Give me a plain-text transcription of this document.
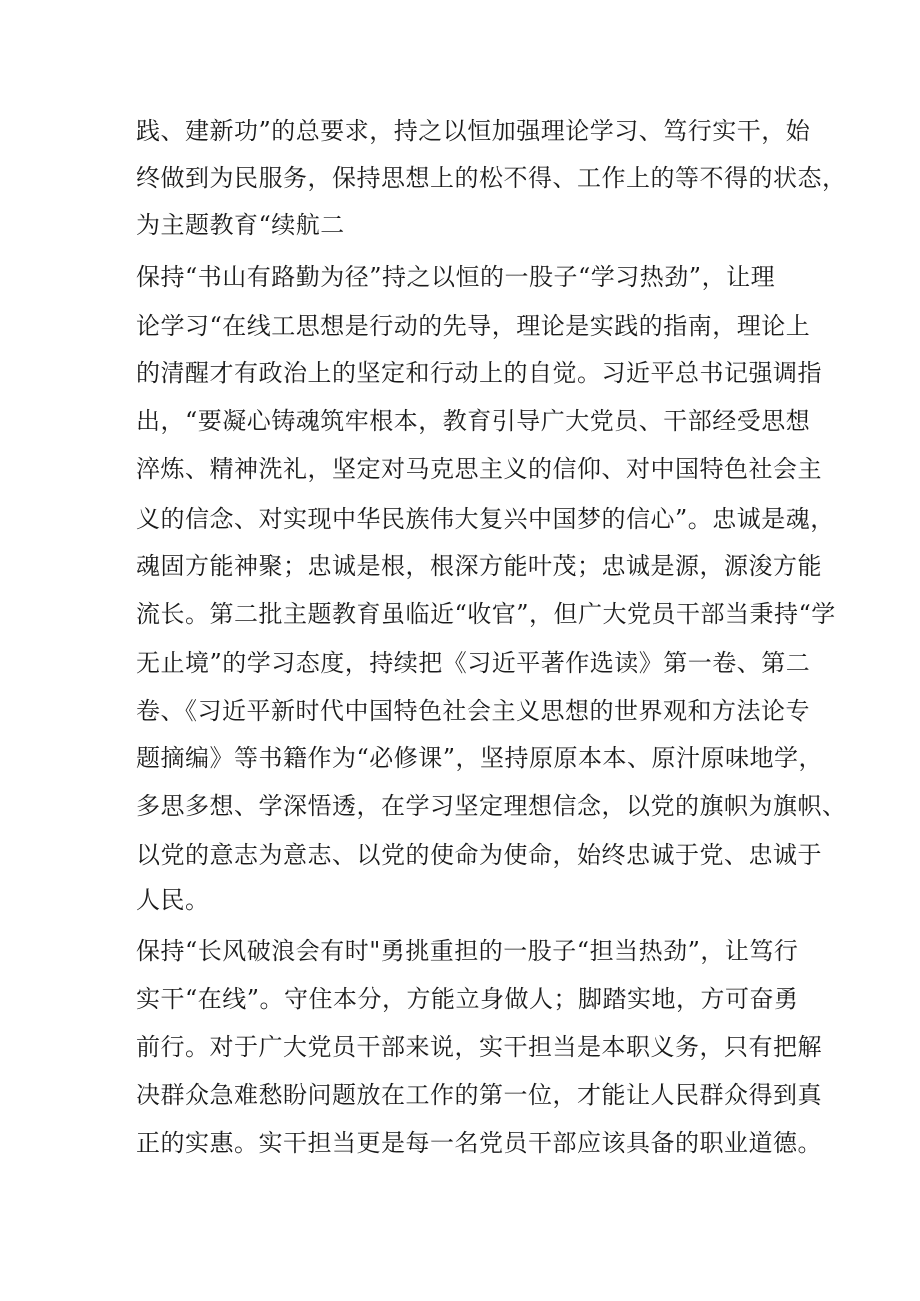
践、建新功”的总要求，持之以恒加强理论学习、笃行实干，始
终做到为民服务，保持思想上的松不得、工作上的等不得的状态，
为主题教育“续航二
保持“书山有路勤为径”持之以恒的一股子“学习热劲”，让理
论学习“在线工思想是行动的先导，理论是实践的指南，理论上
的清醒才有政治上的坚定和行动上的自觉。习近平总书记强调指
出，“要凝心铸魂筑牢根本，教育引导广大党员、干部经受思想
淬炼、精神洗礼，坚定对马克思主义的信仰、对中国特色社会主
义的信念、对实现中华民族伟大复兴中国梦的信心”。忠诚是魂，
魂固方能神聚；忠诚是根，根深方能叶茂；忠诚是源，源浚方能
流长。第二批主题教育虽临近“收官”，但广大党员干部当秉持“学
无止境”的学习态度，持续把《习近平著作选读》第一卷、第二
卷、《习近平新时代中国特色社会主义思想的世界观和方法论专
题摘编》等书籍作为“必修课”，坚持原原本本、原汁原味地学，
多思多想、学深悟透，在学习坚定理想信念，以党的旗帜为旗帜、
以党的意志为意志、以党的使命为使命，始终忠诚于党、忠诚于
人民。
保持“长风破浪会有时"勇挑重担的一股子“担当热劲”，让笃行
实干“在线”。守住本分，方能立身做人；脚踏实地，方可奋勇
前行。对于广大党员干部来说，实干担当是本职义务，只有把解
决群众急难愁盼问题放在工作的第一位，才能让人民群众得到真
正的实惠。实干担当更是每一名党员干部应该具备的职业道德。
